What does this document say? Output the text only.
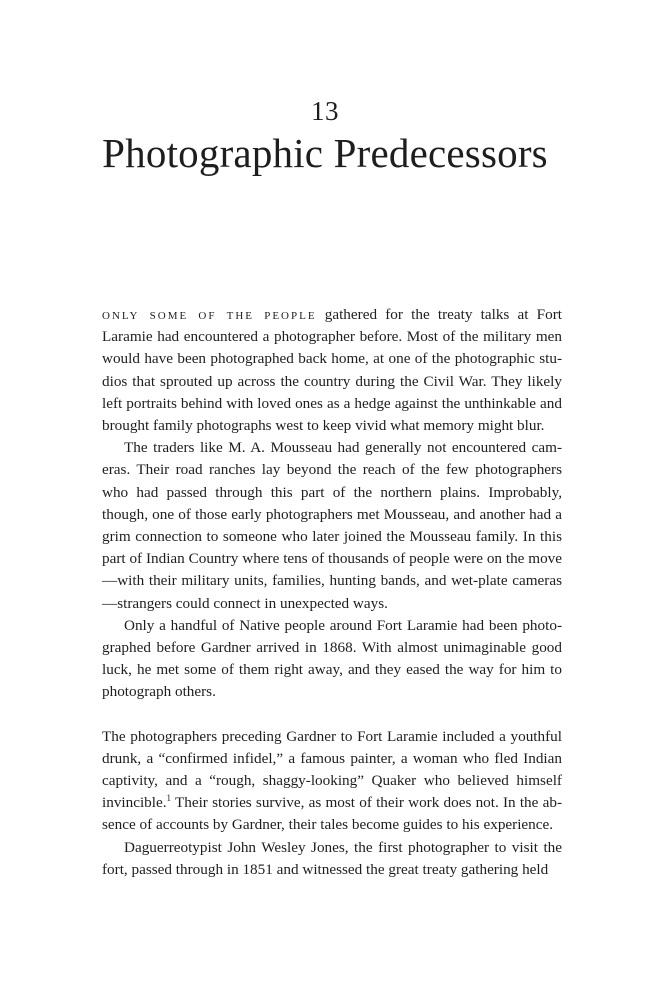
13
Photographic Predecessors

only some of the people gathered for the treaty talks at Fort Laramie had encountered a photographer before. Most of the military men would have been photographed back home, at one of the photographic studios that sprouted up across the country during the Civil War. They likely left portraits behind with loved ones as a hedge against the unthinkable and brought family photographs west to keep vivid what memory might blur.

The traders like M. A. Mousseau had generally not encountered cameras. Their road ranches lay beyond the reach of the few photographers who had passed through this part of the northern plains. Improbably, though, one of those early photographers met Mousseau, and another had a grim connection to someone who later joined the Mousseau family. In this part of Indian Country where tens of thousands of people were on the move—with their military units, families, hunting bands, and wet-plate cameras—strangers could connect in unexpected ways.

Only a handful of Native people around Fort Laramie had been photographed before Gardner arrived in 1868. With almost unimaginable good luck, he met some of them right away, and they eased the way for him to photograph others.

The photographers preceding Gardner to Fort Laramie included a youthful drunk, a “confirmed infidel,” a famous painter, a woman who fled Indian captivity, and a “rough, shaggy-looking” Quaker who believed himself invincible.$^1$ Their stories survive, as most of their work does not. In the absence of accounts by Gardner, their tales become guides to his experience.

Daguerreotypist John Wesley Jones, the first photographer to visit the fort, passed through in 1851 and witnessed the great treaty gathering held
